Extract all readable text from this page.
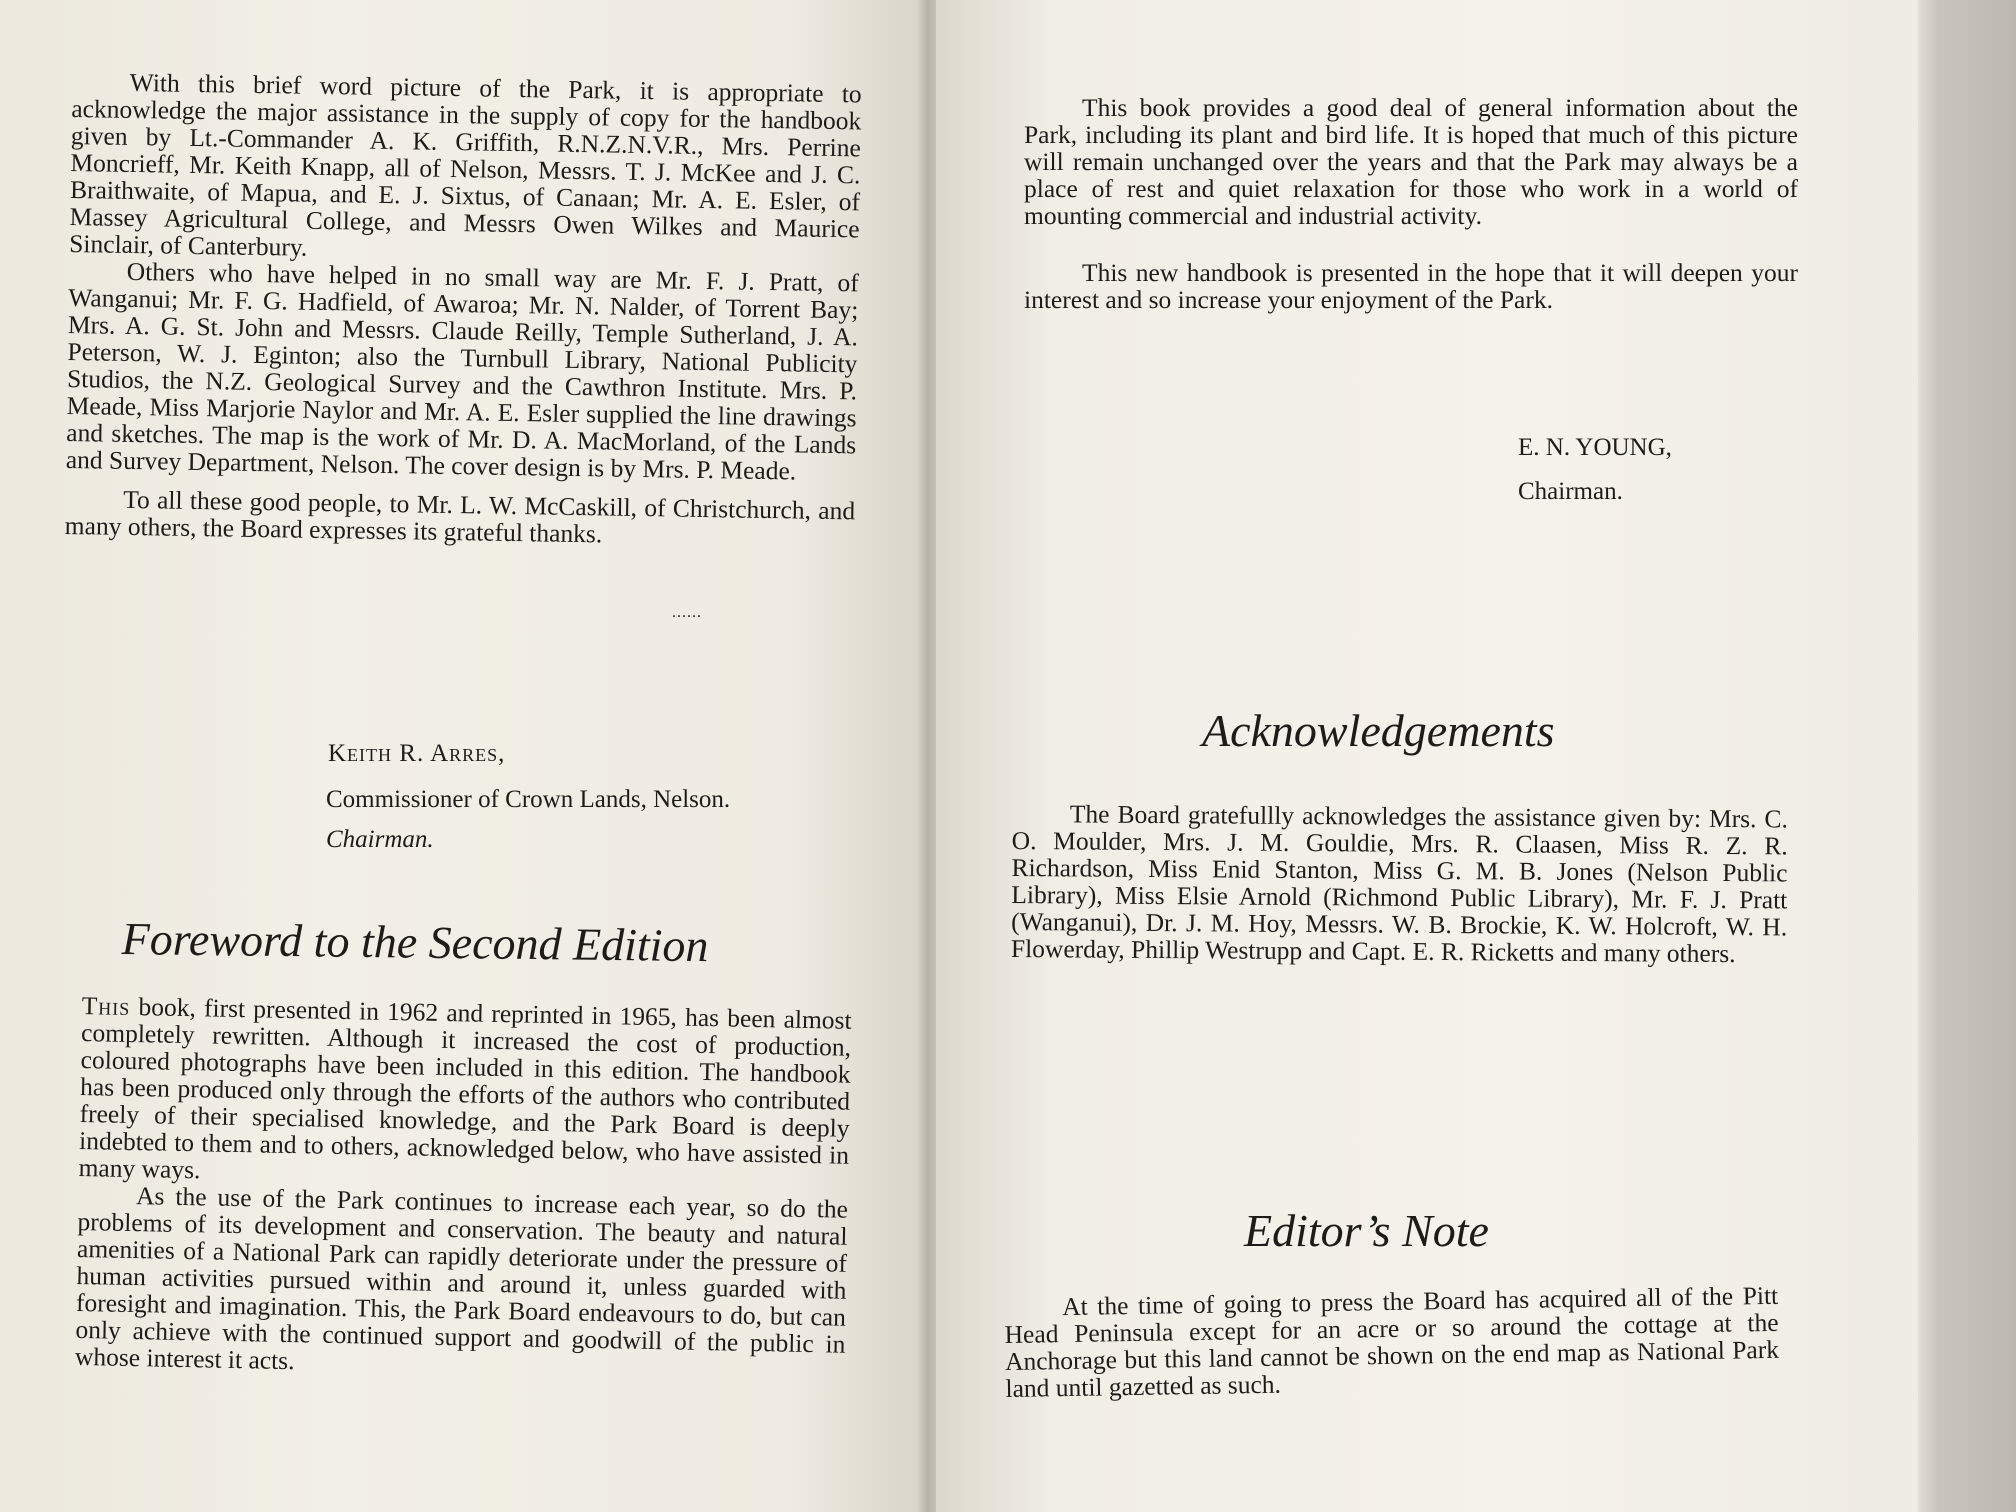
With this brief word picture of the Park, it is appropriate to acknowledge the major assistance in the supply of copy for the handbook given by Lt.-Commander A. K. Griffith, R.N.Z.N.V.R., Mrs. Perrine Moncrieff, Mr. Keith Knapp, all of Nelson, Messrs. T. J. McKee and J. C. Braithwaite, of Mapua, and E. J. Sixtus, of Canaan; Mr. A. E. Esler, of Massey Agricultural College, and Messrs Owen Wilkes and Maurice Sinclair, of Canterbury.

Others who have helped in no small way are Mr. F. J. Pratt, of Wanganui; Mr. F. G. Hadfield, of Awaroa; Mr. N. Nalder, of Torrent Bay; Mrs. A. G. St. John and Messrs. Claude Reilly, Temple Sutherland, J. A. Peterson, W. J. Eginton; also the Turnbull Library, National Publicity Studios, the N.Z. Geological Survey and the Cawthron Institute. Mrs. P. Meade, Miss Marjorie Naylor and Mr. A. E. Esler supplied the line drawings and sketches. The map is the work of Mr. D. A. MacMorland, of the Lands and Survey Department, Nelson. The cover design is by Mrs. P. Meade.

To all these good people, to Mr. L. W. McCaskill, of Christchurch, and many others, the Board expresses its grateful thanks.

......
Keith R. Arres,
Commissioner of Crown Lands, Nelson.
Chairman.
Foreword to the Second Edition

This book, first presented in 1962 and reprinted in 1965, has been almost completely rewritten. Although it increased the cost of production, coloured photographs have been included in this edition. The handbook has been produced only through the efforts of the authors who contributed freely of their specialised knowledge, and the Park Board is deeply indebted to them and to others, acknowledged below, who have assisted in many ways.

As the use of the Park continues to increase each year, so do the problems of its development and conservation. The beauty and natural amenities of a National Park can rapidly deteriorate under the pressure of human activities pursued within and around it, unless guarded with foresight and imagination. This, the Park Board endeavours to do, but can only achieve with the continued support and goodwill of the public in whose interest it acts.

This book provides a good deal of general information about the Park, including its plant and bird life. It is hoped that much of this picture will remain unchanged over the years and that the Park may always be a place of rest and quiet relaxation for those who work in a world of mounting commercial and industrial activity.

This new handbook is presented in the hope that it will deepen your interest and so increase your enjoyment of the Park.

E. N. YOUNG,
Chairman.
Acknowledgements

The Board gratefullly acknowledges the assistance given by: Mrs. C. O. Moulder, Mrs. J. M. Gouldie, Mrs. R. Claasen, Miss R. Z. R. Richardson, Miss Enid Stanton, Miss G. M. B. Jones (Nelson Public Library), Miss Elsie Arnold (Richmond Public Library), Mr. F. J. Pratt (Wanganui), Dr. J. M. Hoy, Messrs. W. B. Brockie, K. W. Holcroft, W. H. Flowerday, Phillip Westrupp and Capt. E. R. Ricketts and many others.

Editor’s Note

At the time of going to press the Board has acquired all of the Pitt Head Peninsula except for an acre or so around the cottage at the Anchorage but this land cannot be shown on the end map as National Park land until gazetted as such.
